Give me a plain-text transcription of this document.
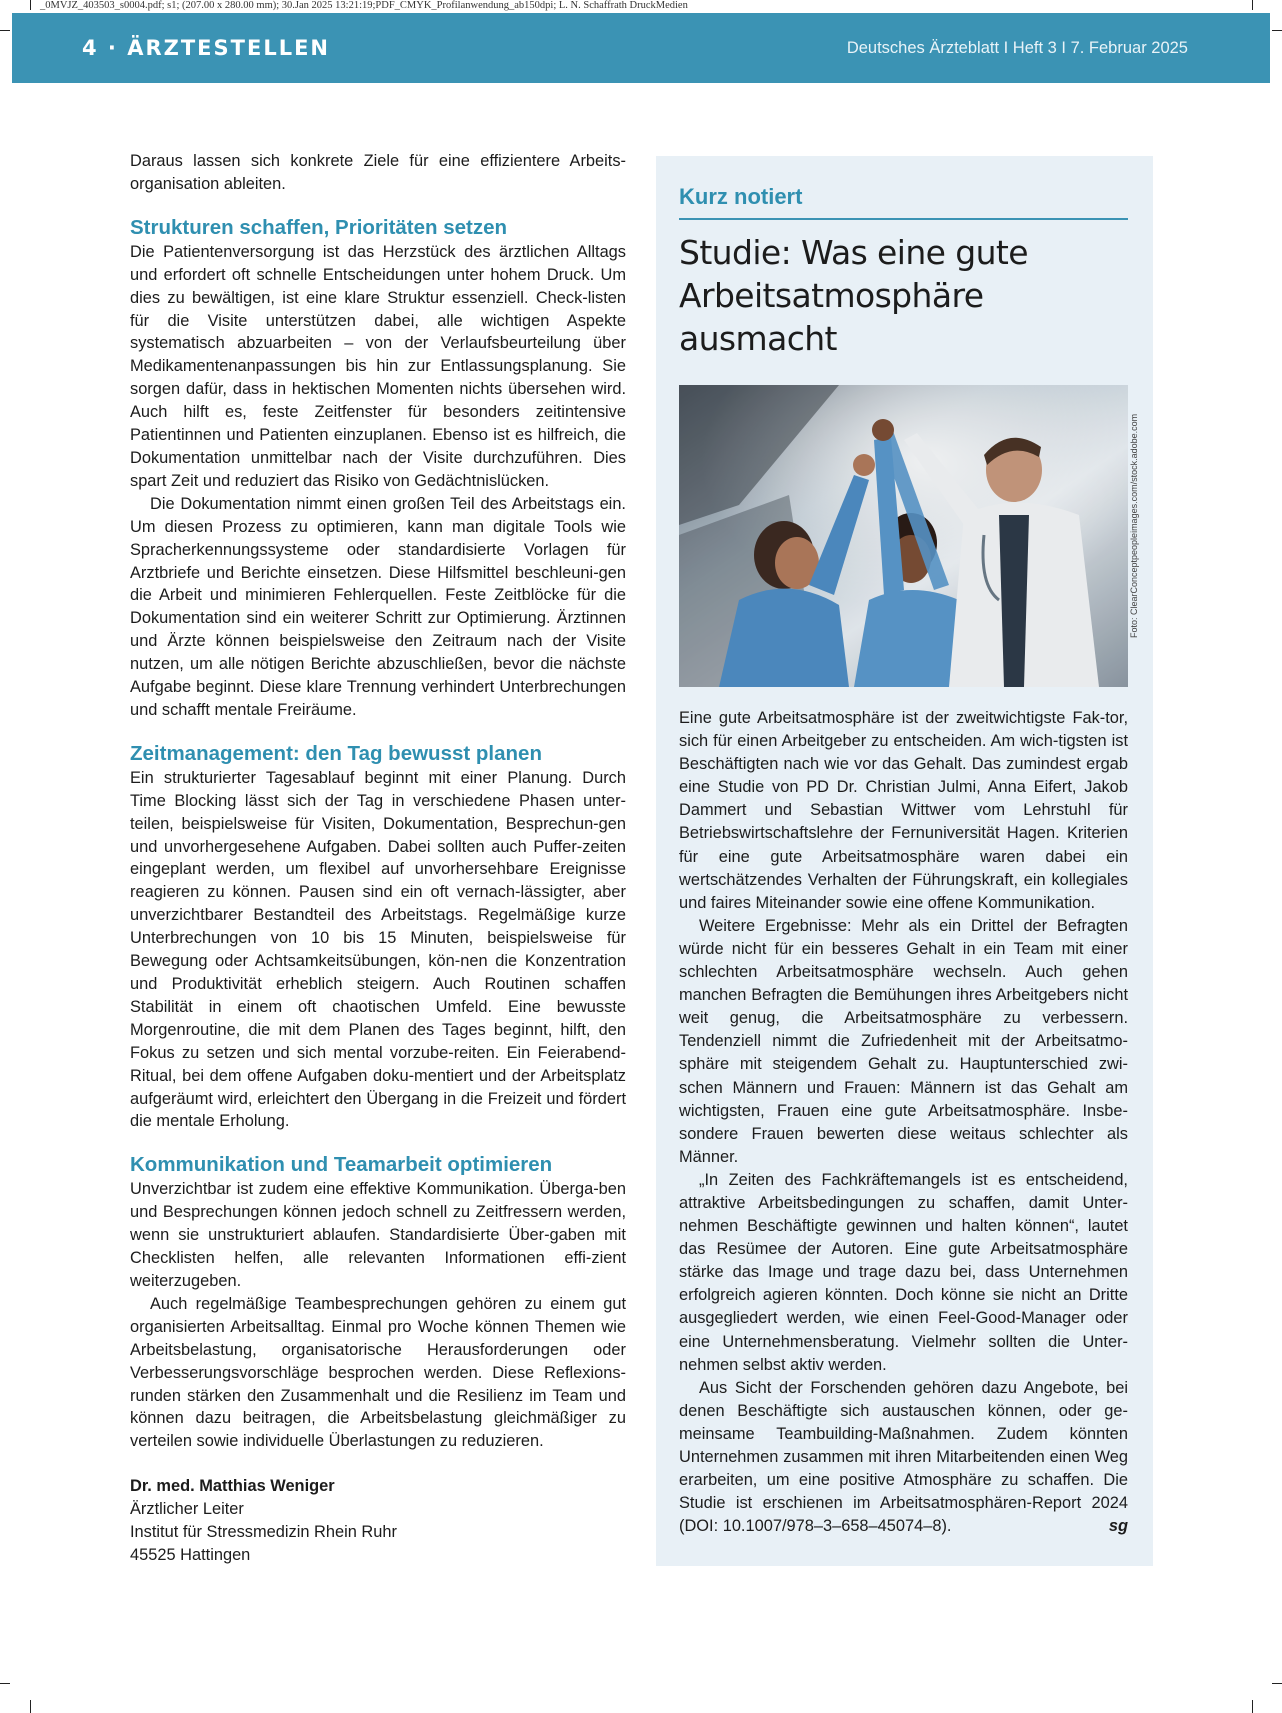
_0MVJZ_403503_s0004.pdf; s1; (207.00 x 280.00 mm); 30.Jan 2025 13:21:19;PDF_CMYK_Profilanwendung_ab150dpi; L. N. Schaffrath DruckMedien
4 · ÄRZTESTELLEN	Deutsches Ärzteblatt I Heft 3 I 7. Februar 2025

Daraus lassen sich konkrete Ziele für eine effizientere Arbeits-organisation ableiten.

Strukturen schaffen, Prioritäten setzen

Die Patientenversorgung ist das Herzstück des ärztlichen Alltags und erfordert oft schnelle Entscheidungen unter hohem Druck. Um dies zu bewältigen, ist eine klare Struktur essenziell. Check-listen für die Visite unterstützen dabei, alle wichtigen Aspekte systematisch abzuarbeiten – von der Verlaufsbeurteilung über Medikamentenanpassungen bis hin zur Entlassungsplanung. Sie sorgen dafür, dass in hektischen Momenten nichts übersehen wird. Auch hilft es, feste Zeitfenster für besonders zeitintensive Patientinnen und Patienten einzuplanen. Ebenso ist es hilfreich, die Dokumentation unmittelbar nach der Visite durchzuführen. Dies spart Zeit und reduziert das Risiko von Gedächtnislücken.

Die Dokumentation nimmt einen großen Teil des Arbeitstags ein. Um diesen Prozess zu optimieren, kann man digitale Tools wie Spracherkennungssysteme oder standardisierte Vorlagen für Arztbriefe und Berichte einsetzen. Diese Hilfsmittel beschleuni-gen die Arbeit und minimieren Fehlerquellen. Feste Zeitblöcke für die Dokumentation sind ein weiterer Schritt zur Optimierung. Ärztinnen und Ärzte können beispielsweise den Zeitraum nach der Visite nutzen, um alle nötigen Berichte abzuschließen, bevor die nächste Aufgabe beginnt. Diese klare Trennung verhindert Unterbrechungen und schafft mentale Freiräume.

Zeitmanagement: den Tag bewusst planen

Ein strukturierter Tagesablauf beginnt mit einer Planung. Durch Time Blocking lässt sich der Tag in verschiedene Phasen unter-teilen, beispielsweise für Visiten, Dokumentation, Besprechun-gen und unvorhergesehene Aufgaben. Dabei sollten auch Puffer-zeiten eingeplant werden, um flexibel auf unvorhersehbare Ereignisse reagieren zu können. Pausen sind ein oft vernach-lässigter, aber unverzichtbarer Bestandteil des Arbeitstags. Regelmäßige kurze Unterbrechungen von 10 bis 15 Minuten, beispielsweise für Bewegung oder Achtsamkeitsübungen, kön-nen die Konzentration und Produktivität erheblich steigern. Auch Routinen schaffen Stabilität in einem oft chaotischen Umfeld. Eine bewusste Morgenroutine, die mit dem Planen des Tages beginnt, hilft, den Fokus zu setzen und sich mental vorzube-reiten. Ein Feierabend-Ritual, bei dem offene Aufgaben doku-mentiert und der Arbeitsplatz aufgeräumt wird, erleichtert den Übergang in die Freizeit und fördert die mentale Erholung.

Kommunikation und Teamarbeit optimieren

Unverzichtbar ist zudem eine effektive Kommunikation. Überga-ben und Besprechungen können jedoch schnell zu Zeitfressern werden, wenn sie unstrukturiert ablaufen. Standardisierte Über-gaben mit Checklisten helfen, alle relevanten Informationen effi-zient weiterzugeben.

Auch regelmäßige Teambesprechungen gehören zu einem gut organisierten Arbeitsalltag. Einmal pro Woche können Themen wie Arbeitsbelastung, organisatorische Herausforderungen oder Verbesserungsvorschläge besprochen werden. Diese Reflexions-runden stärken den Zusammenhalt und die Resilienz im Team und können dazu beitragen, die Arbeitsbelastung gleichmäßiger zu verteilen sowie individuelle Überlastungen zu reduzieren.

Dr. med. Matthias Weniger
Ärztlicher Leiter
Institut für Stressmedizin Rhein Ruhr
45525 Hattingen
Kurz notiert
Studie: Was eine gute Arbeitsatmosphäre ausmacht

Eine gute Arbeitsatmosphäre ist der zweitwichtigste Fak-tor, sich für einen Arbeitgeber zu entscheiden. Am wich-tigsten ist Beschäftigten nach wie vor das Gehalt. Das zumindest ergab eine Studie von PD Dr. Christian Julmi, Anna Eifert, Jakob Dammert und Sebastian Wittwer vom Lehrstuhl für Betriebswirtschaftslehre der Fernuniversität Hagen. Kriterien für eine gute Arbeitsatmosphäre waren dabei ein wertschätzendes Verhalten der Führungskraft, ein kollegiales und faires Miteinander sowie eine offene Kommunikation.

Weitere Ergebnisse: Mehr als ein Drittel der Befragten würde nicht für ein besseres Gehalt in ein Team mit einer schlechten Arbeitsatmosphäre wechseln. Auch gehen manchen Befragten die Bemühungen ihres Arbeitgebers nicht weit genug, die Arbeitsatmosphäre zu verbessern. Tendenziell nimmt die Zufriedenheit mit der Arbeitsatmo-sphäre mit steigendem Gehalt zu. Hauptunterschied zwi-schen Männern und Frauen: Männern ist das Gehalt am wichtigsten, Frauen eine gute Arbeitsatmosphäre. Insbe-sondere Frauen bewerten diese weitaus schlechter als Männer.

„In Zeiten des Fachkräftemangels ist es entscheidend, attraktive Arbeitsbedingungen zu schaffen, damit Unter-nehmen Beschäftigte gewinnen und halten können“, lautet das Resümee der Autoren. Eine gute Arbeitsatmosphäre stärke das Image und trage dazu bei, dass Unternehmen erfolgreich agieren könnten. Doch könne sie nicht an Dritte ausgegliedert werden, wie einen Feel-Good-Manager oder eine Unternehmensberatung. Vielmehr sollten die Unter-nehmen selbst aktiv werden.

Aus Sicht der Forschenden gehören dazu Angebote, bei denen Beschäftigte sich austauschen können, oder ge-meinsame Teambuilding-Maßnahmen. Zudem könnten Unternehmen zusammen mit ihren Mitarbeitenden einen Weg erarbeiten, um eine positive Atmosphäre zu schaffen. Die Studie ist erschienen im Arbeitsatmosphären-Report 2024 (DOI: 10.1007/978–3–658–45074–8).	sg

Foto: ClearConceptpeopleimages.com/stock.adobe.com
